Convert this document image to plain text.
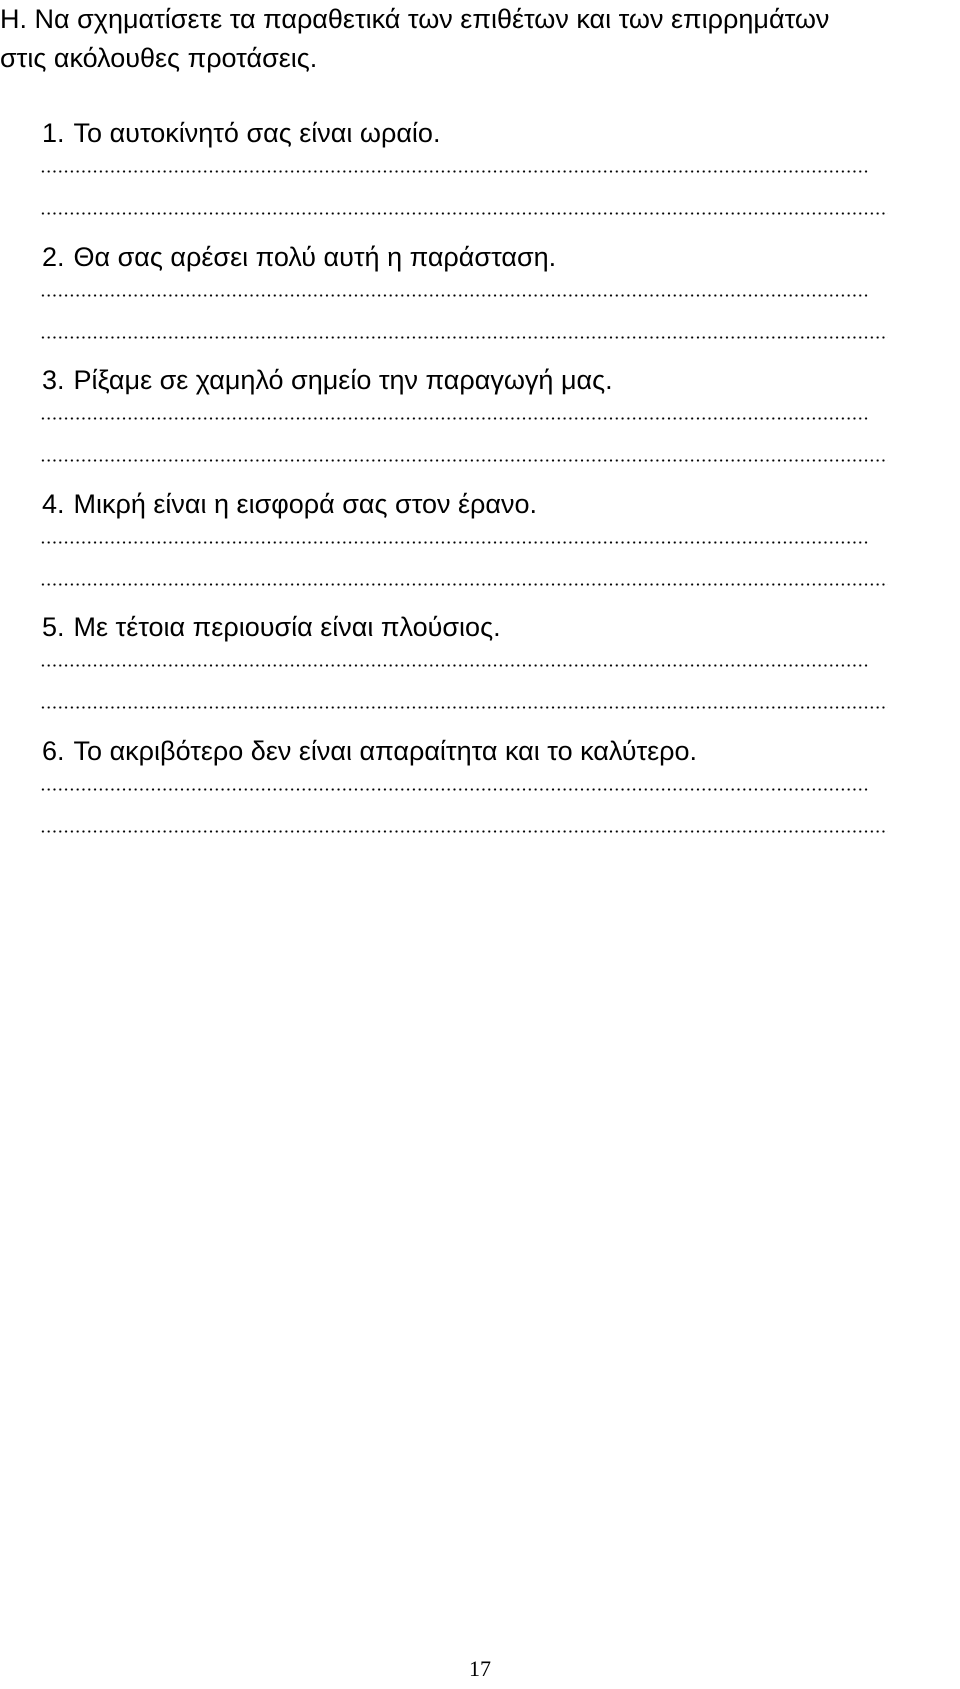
Η. Να σχηματίσετε τα παραθετικά των επιθέτων και των επιρρημάτων
στις ακόλουθες προτάσεις.
1. Το αυτοκίνητό σας είναι ωραίο.
2. Θα σας αρέσει πολύ αυτή η παράσταση.
3. Ρίξαμε σε χαμηλό σημείο την παραγωγή μας.
4. Μικρή είναι η εισφορά σας στον έρανο.
5. Με τέτοια περιουσία είναι πλούσιος.
6. Το ακριβότερο δεν είναι απαραίτητα και το καλύτερο.
17
